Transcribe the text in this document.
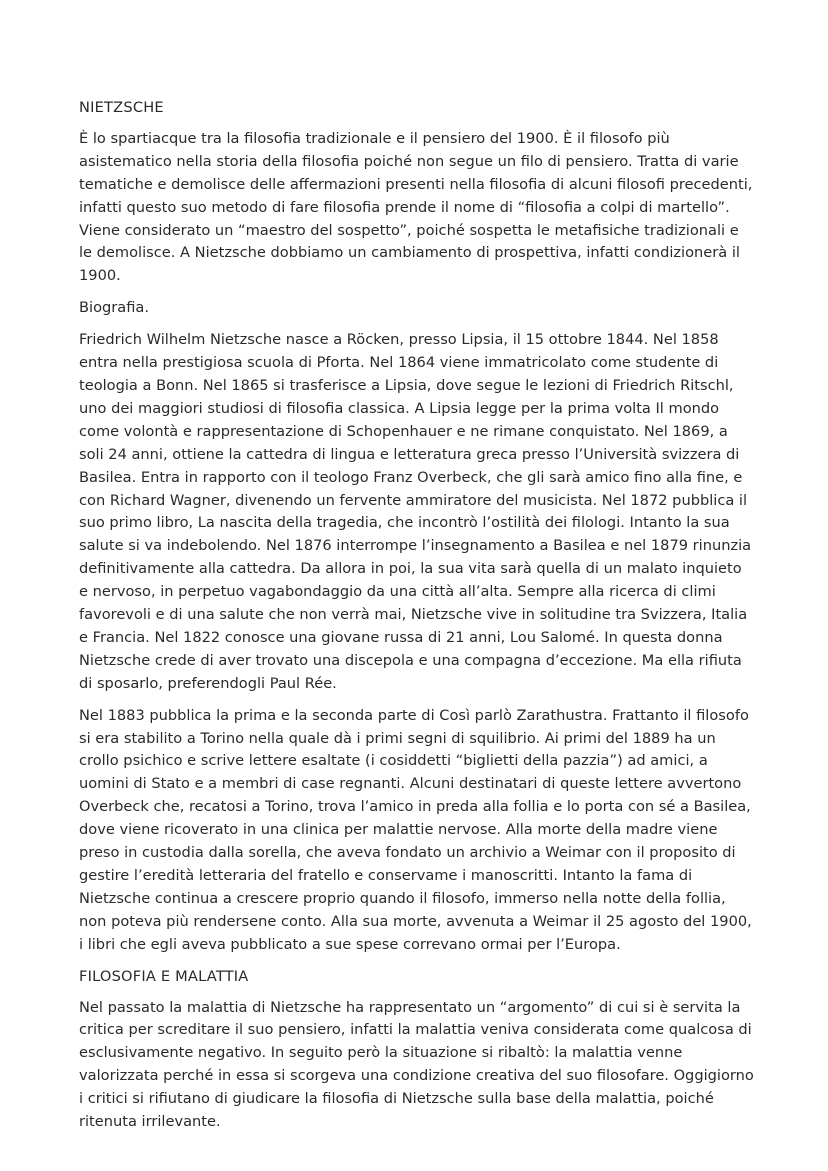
NIETZSCHE
È lo spartiacque tra la filosofia tradizionale e il pensiero del 1900. È il filosofo più asistematico nella storia della filosofia poiché non segue un filo di pensiero. Tratta di varie tematiche e demolisce delle affermazioni presenti nella filosofia di alcuni filosofi precedenti, infatti questo suo metodo di fare filosofia prende il nome di “filosofia a colpi di martello”. Viene considerato un “maestro del sospetto”, poiché sospetta le metafisiche tradizionali e le demolisce. A Nietzsche dobbiamo un cambiamento di prospettiva, infatti condizionerà il 1900.
Biografia.
Friedrich Wilhelm Nietzsche nasce a Röcken, presso Lipsia, il 15 ottobre 1844. Nel 1858 entra nella prestigiosa scuola di Pforta. Nel 1864 viene immatricolato come studente di teologia a Bonn. Nel 1865 si trasferisce a Lipsia, dove segue le lezioni di Friedrich Ritschl, uno dei maggiori studiosi di filosofia classica. A Lipsia legge per la prima volta Il mondo come volontà e rappresentazione di Schopenhauer e ne rimane conquistato. Nel 1869, a soli 24 anni, ottiene la cattedra di lingua e letteratura greca presso l’Università svizzera di Basilea. Entra in rapporto con il teologo Franz Overbeck, che gli sarà amico fino alla fine, e con Richard Wagner, divenendo un fervente ammiratore del musicista. Nel 1872 pubblica il suo primo libro, La nascita della tragedia, che incontrò l’ostilità dei filologi. Intanto la sua salute si va indebolendo. Nel 1876 interrompe l’insegnamento a Basilea e nel 1879 rinunzia definitivamente alla cattedra. Da allora in poi, la sua vita sarà quella di un malato inquieto e nervoso, in perpetuo vagabondaggio da una città all’alta. Sempre alla ricerca di climi favorevoli e di una salute che non verrà mai, Nietzsche vive in solitudine tra Svizzera, Italia e Francia. Nel 1822 conosce una giovane russa di 21 anni, Lou Salomé. In questa donna Nietzsche crede di aver trovato una discepola e una compagna d’eccezione. Ma ella rifiuta di sposarlo, preferendogli Paul Rée.
Nel 1883 pubblica la prima e la seconda parte di Così parlò Zarathustra. Frattanto il filosofo si era stabilito a Torino nella quale dà i primi segni di squilibrio. Ai primi del 1889 ha un crollo psichico e scrive lettere esaltate (i cosiddetti “biglietti della pazzia”) ad amici, a uomini di Stato e a membri di case regnanti. Alcuni destinatari di queste lettere avvertono Overbeck che, recatosi a Torino, trova l’amico in preda alla follia e lo porta con sé a Basilea, dove viene ricoverato in una clinica per malattie nervose. Alla morte della madre viene preso in custodia dalla sorella, che aveva fondato un archivio a Weimar con il proposito di gestire l’eredità letteraria del fratello e conservame i manoscritti. Intanto la fama di Nietzsche continua a crescere proprio quando il filosofo, immerso nella notte della follia, non poteva più rendersene conto. Alla sua morte, avvenuta a Weimar il 25 agosto del 1900, i libri che egli aveva pubblicato a sue spese correvano ormai per l’Europa.
FILOSOFIA E MALATTIA
Nel passato la malattia di Nietzsche ha rappresentato un “argomento” di cui si è servita la critica per screditare il suo pensiero, infatti la malattia veniva considerata come qualcosa di esclusivamente negativo. In seguito però la situazione si ribaltò: la malattia venne valorizzata perché in essa si scorgeva una condizione creativa del suo filosofare. Oggigiorno i critici si rifiutano di giudicare la filosofia di Nietzsche sulla base della malattia, poiché ritenuta irrilevante.
